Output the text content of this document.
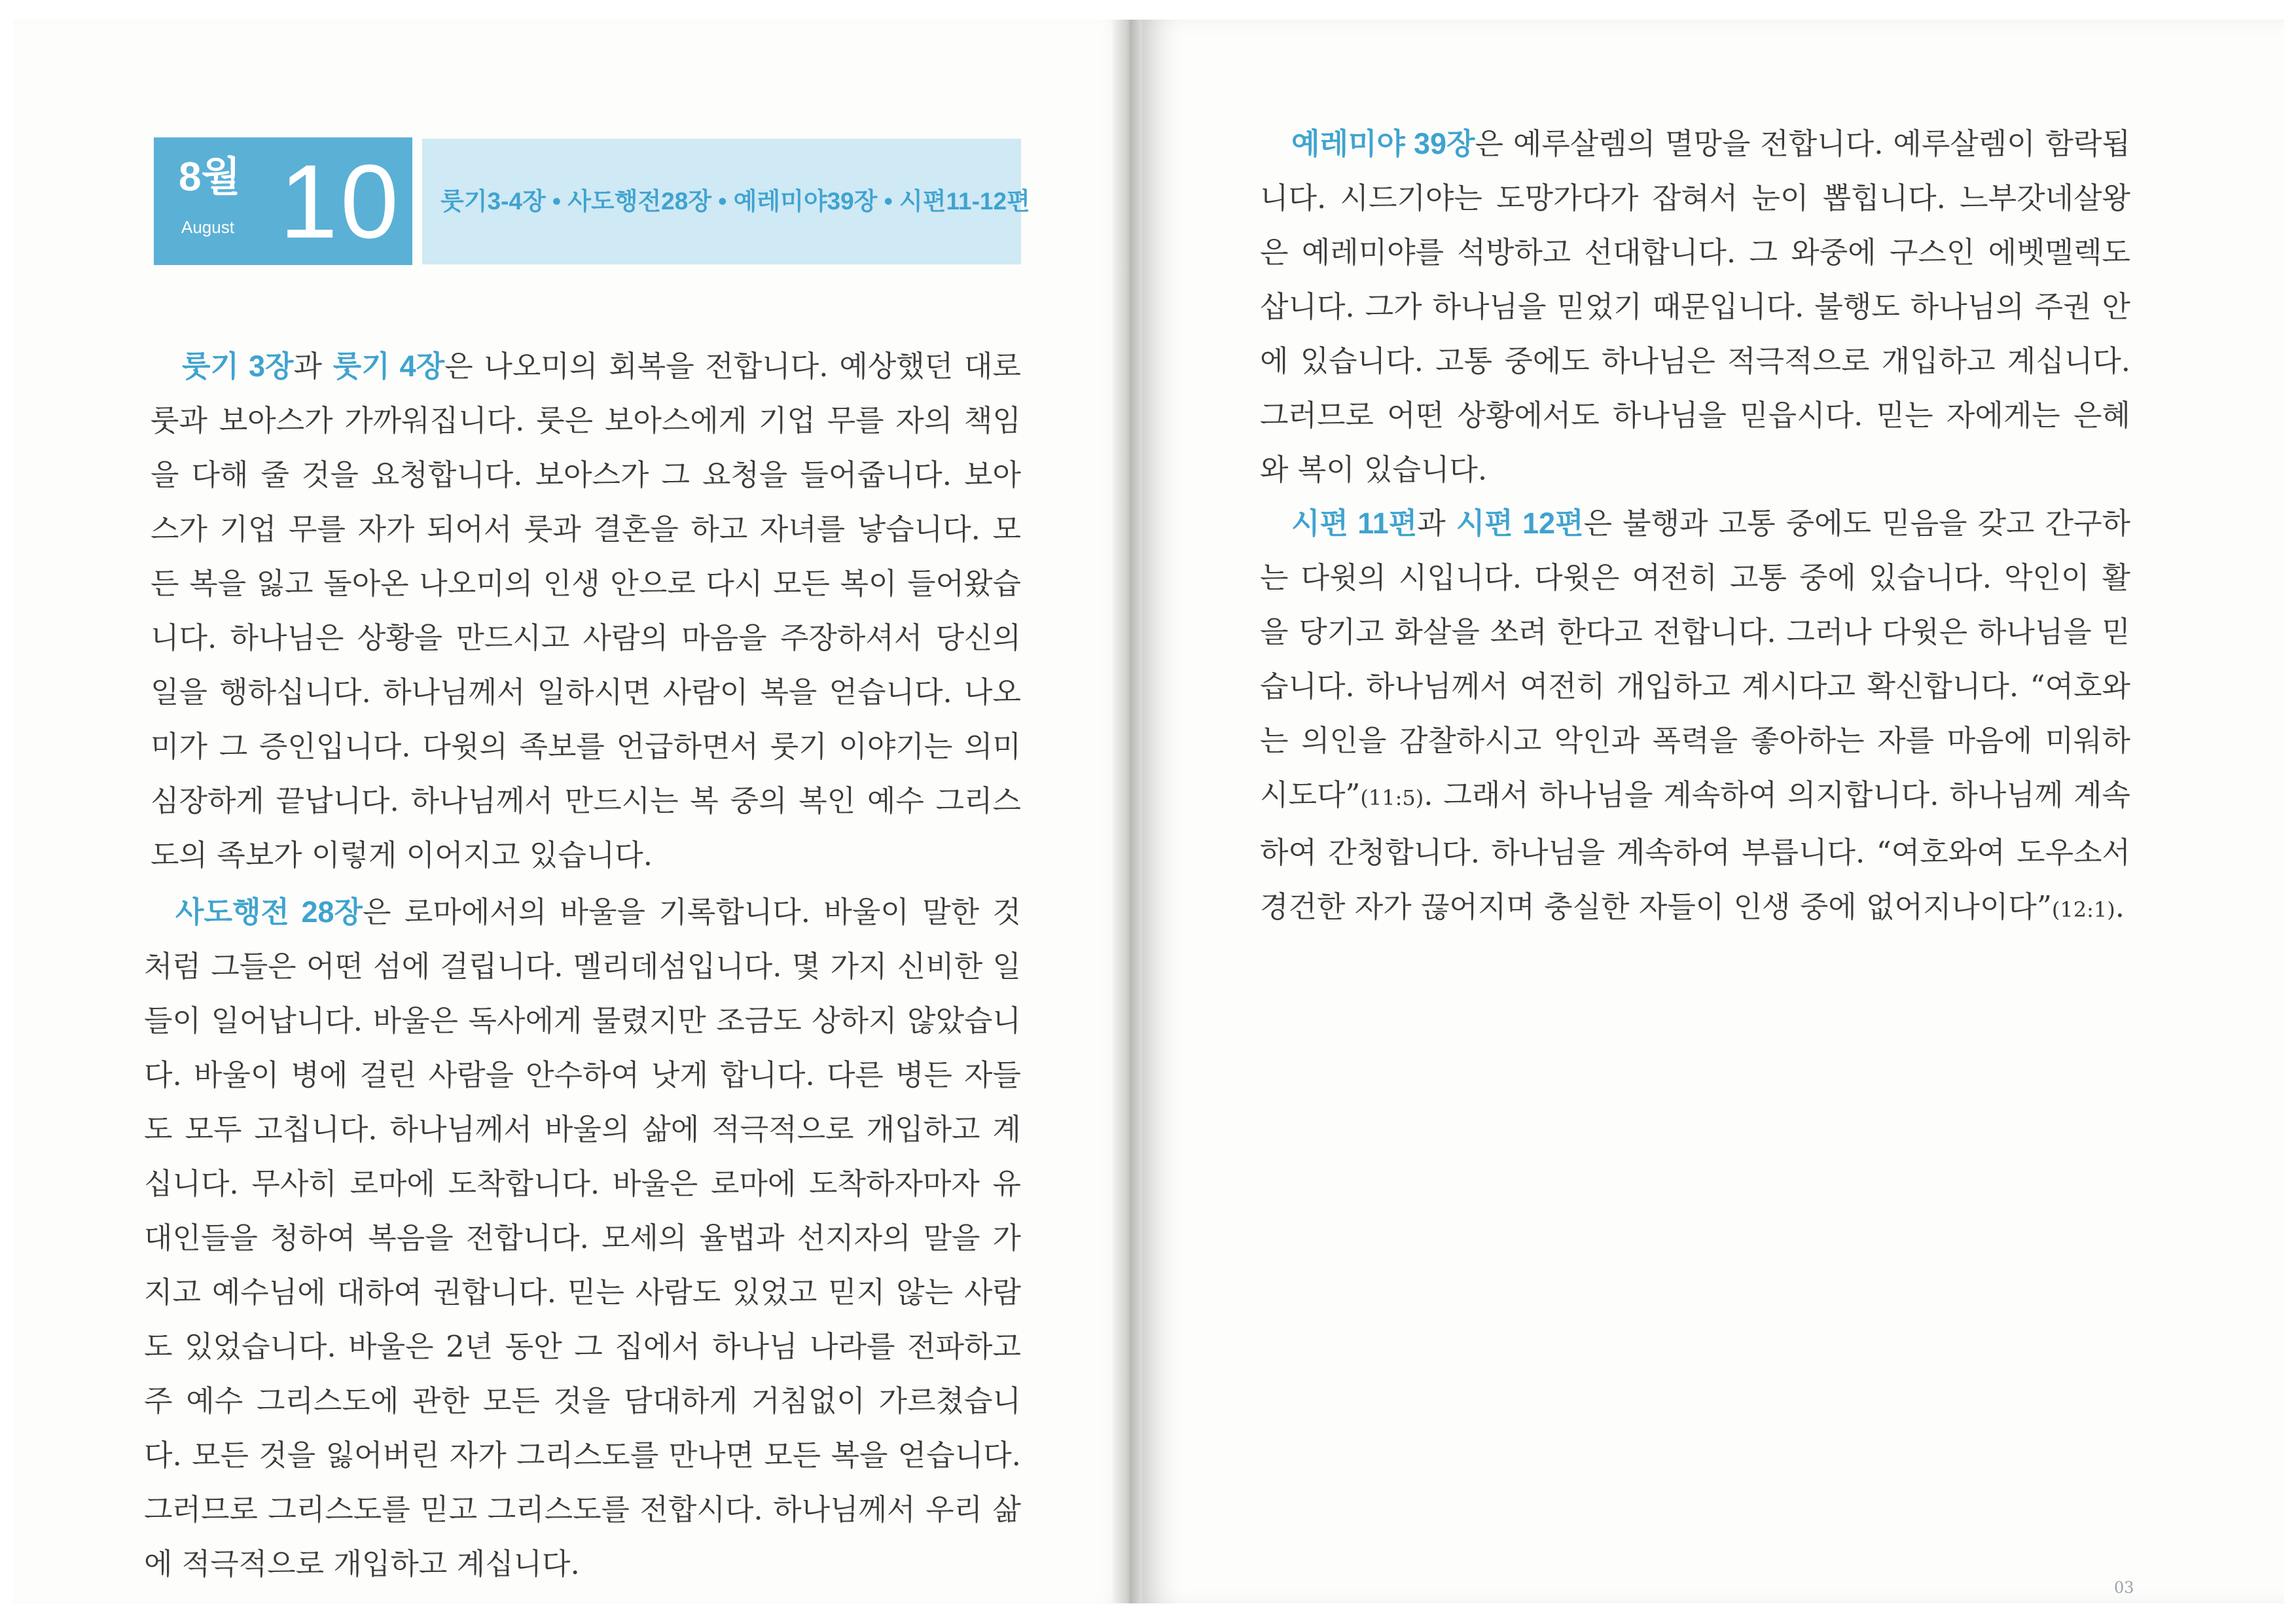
8월
August 10 룻기3-4장 • 사도행전28장 • 예레미야39장 • 시편11-12편

룻기 3장과 룻기 4장은 나오미의 회복을 전합니다. 예상했던 대로 룻과 보아스가 가까워집니다. 룻은 보아스에게 기업 무를 자의 책임을 다해 줄 것을 요청합니다. 보아스가 그 요청을 들어줍니다. 보아스가 기업 무를 자가 되어서 룻과 결혼을 하고 자녀를 낳습니다. 모든 복을 잃고 돌아온 나오미의 인생 안으로 다시 모든 복이 들어왔습니다. 하나님은 상황을 만드시고 사람의 마음을 주장하셔서 당신의 일을 행하십니다. 하나님께서 일하시면 사람이 복을 얻습니다. 나오미가 그 증인입니다. 다윗의 족보를 언급하면서 룻기 이야기는 의미심장하게 끝납니다. 하나님께서 만드시는 복 중의 복인 예수 그리스도의 족보가 이렇게 이어지고 있습니다.

사도행전 28장은 로마에서의 바울을 기록합니다. 바울이 말한 것처럼 그들은 어떤 섬에 걸립니다. 멜리데섬입니다. 몇 가지 신비한 일들이 일어납니다. 바울은 독사에게 물렸지만 조금도 상하지 않았습니다. 바울이 병에 걸린 사람을 안수하여 낫게 합니다. 다른 병든 자들도 모두 고칩니다. 하나님께서 바울의 삶에 적극적으로 개입하고 계십니다. 무사히 로마에 도착합니다. 바울은 로마에 도착하자마자 유대인들을 청하여 복음을 전합니다. 모세의 율법과 선지자의 말을 가지고 예수님에 대하여 권합니다. 믿는 사람도 있었고 믿지 않는 사람도 있었습니다. 바울은 2년 동안 그 집에서 하나님 나라를 전파하고 주 예수 그리스도에 관한 모든 것을 담대하게 거침없이 가르쳤습니다. 모든 것을 잃어버린 자가 그리스도를 만나면 모든 복을 얻습니다. 그러므로 그리스도를 믿고 그리스도를 전합시다. 하나님께서 우리 삶에 적극적으로 개입하고 계십니다.

예레미야 39장은 예루살렘의 멸망을 전합니다. 예루살렘이 함락됩니다. 시드기야는 도망가다가 잡혀서 눈이 뽑힙니다. 느부갓네살왕은 예레미야를 석방하고 선대합니다. 그 와중에 구스인 에벳멜렉도 삽니다. 그가 하나님을 믿었기 때문입니다. 불행도 하나님의 주권 안에 있습니다. 고통 중에도 하나님은 적극적으로 개입하고 계십니다. 그러므로 어떤 상황에서도 하나님을 믿읍시다. 믿는 자에게는 은혜와 복이 있습니다.

시편 11편과 시편 12편은 불행과 고통 중에도 믿음을 갖고 간구하는 다윗의 시입니다. 다윗은 여전히 고통 중에 있습니다. 악인이 활을 당기고 화살을 쏘려 한다고 전합니다. 그러나 다윗은 하나님을 믿습니다. 하나님께서 여전히 개입하고 계시다고 확신합니다. “여호와는 의인을 감찰하시고 악인과 폭력을 좋아하는 자를 마음에 미워하시도다”(11:5). 그래서 하나님을 계속하여 의지합니다. 하나님께 계속하여 간청합니다. 하나님을 계속하여 부릅니다. “여호와여 도우소서 경건한 자가 끊어지며 충실한 자들이 인생 중에 없어지나이다”(12:1).

03
